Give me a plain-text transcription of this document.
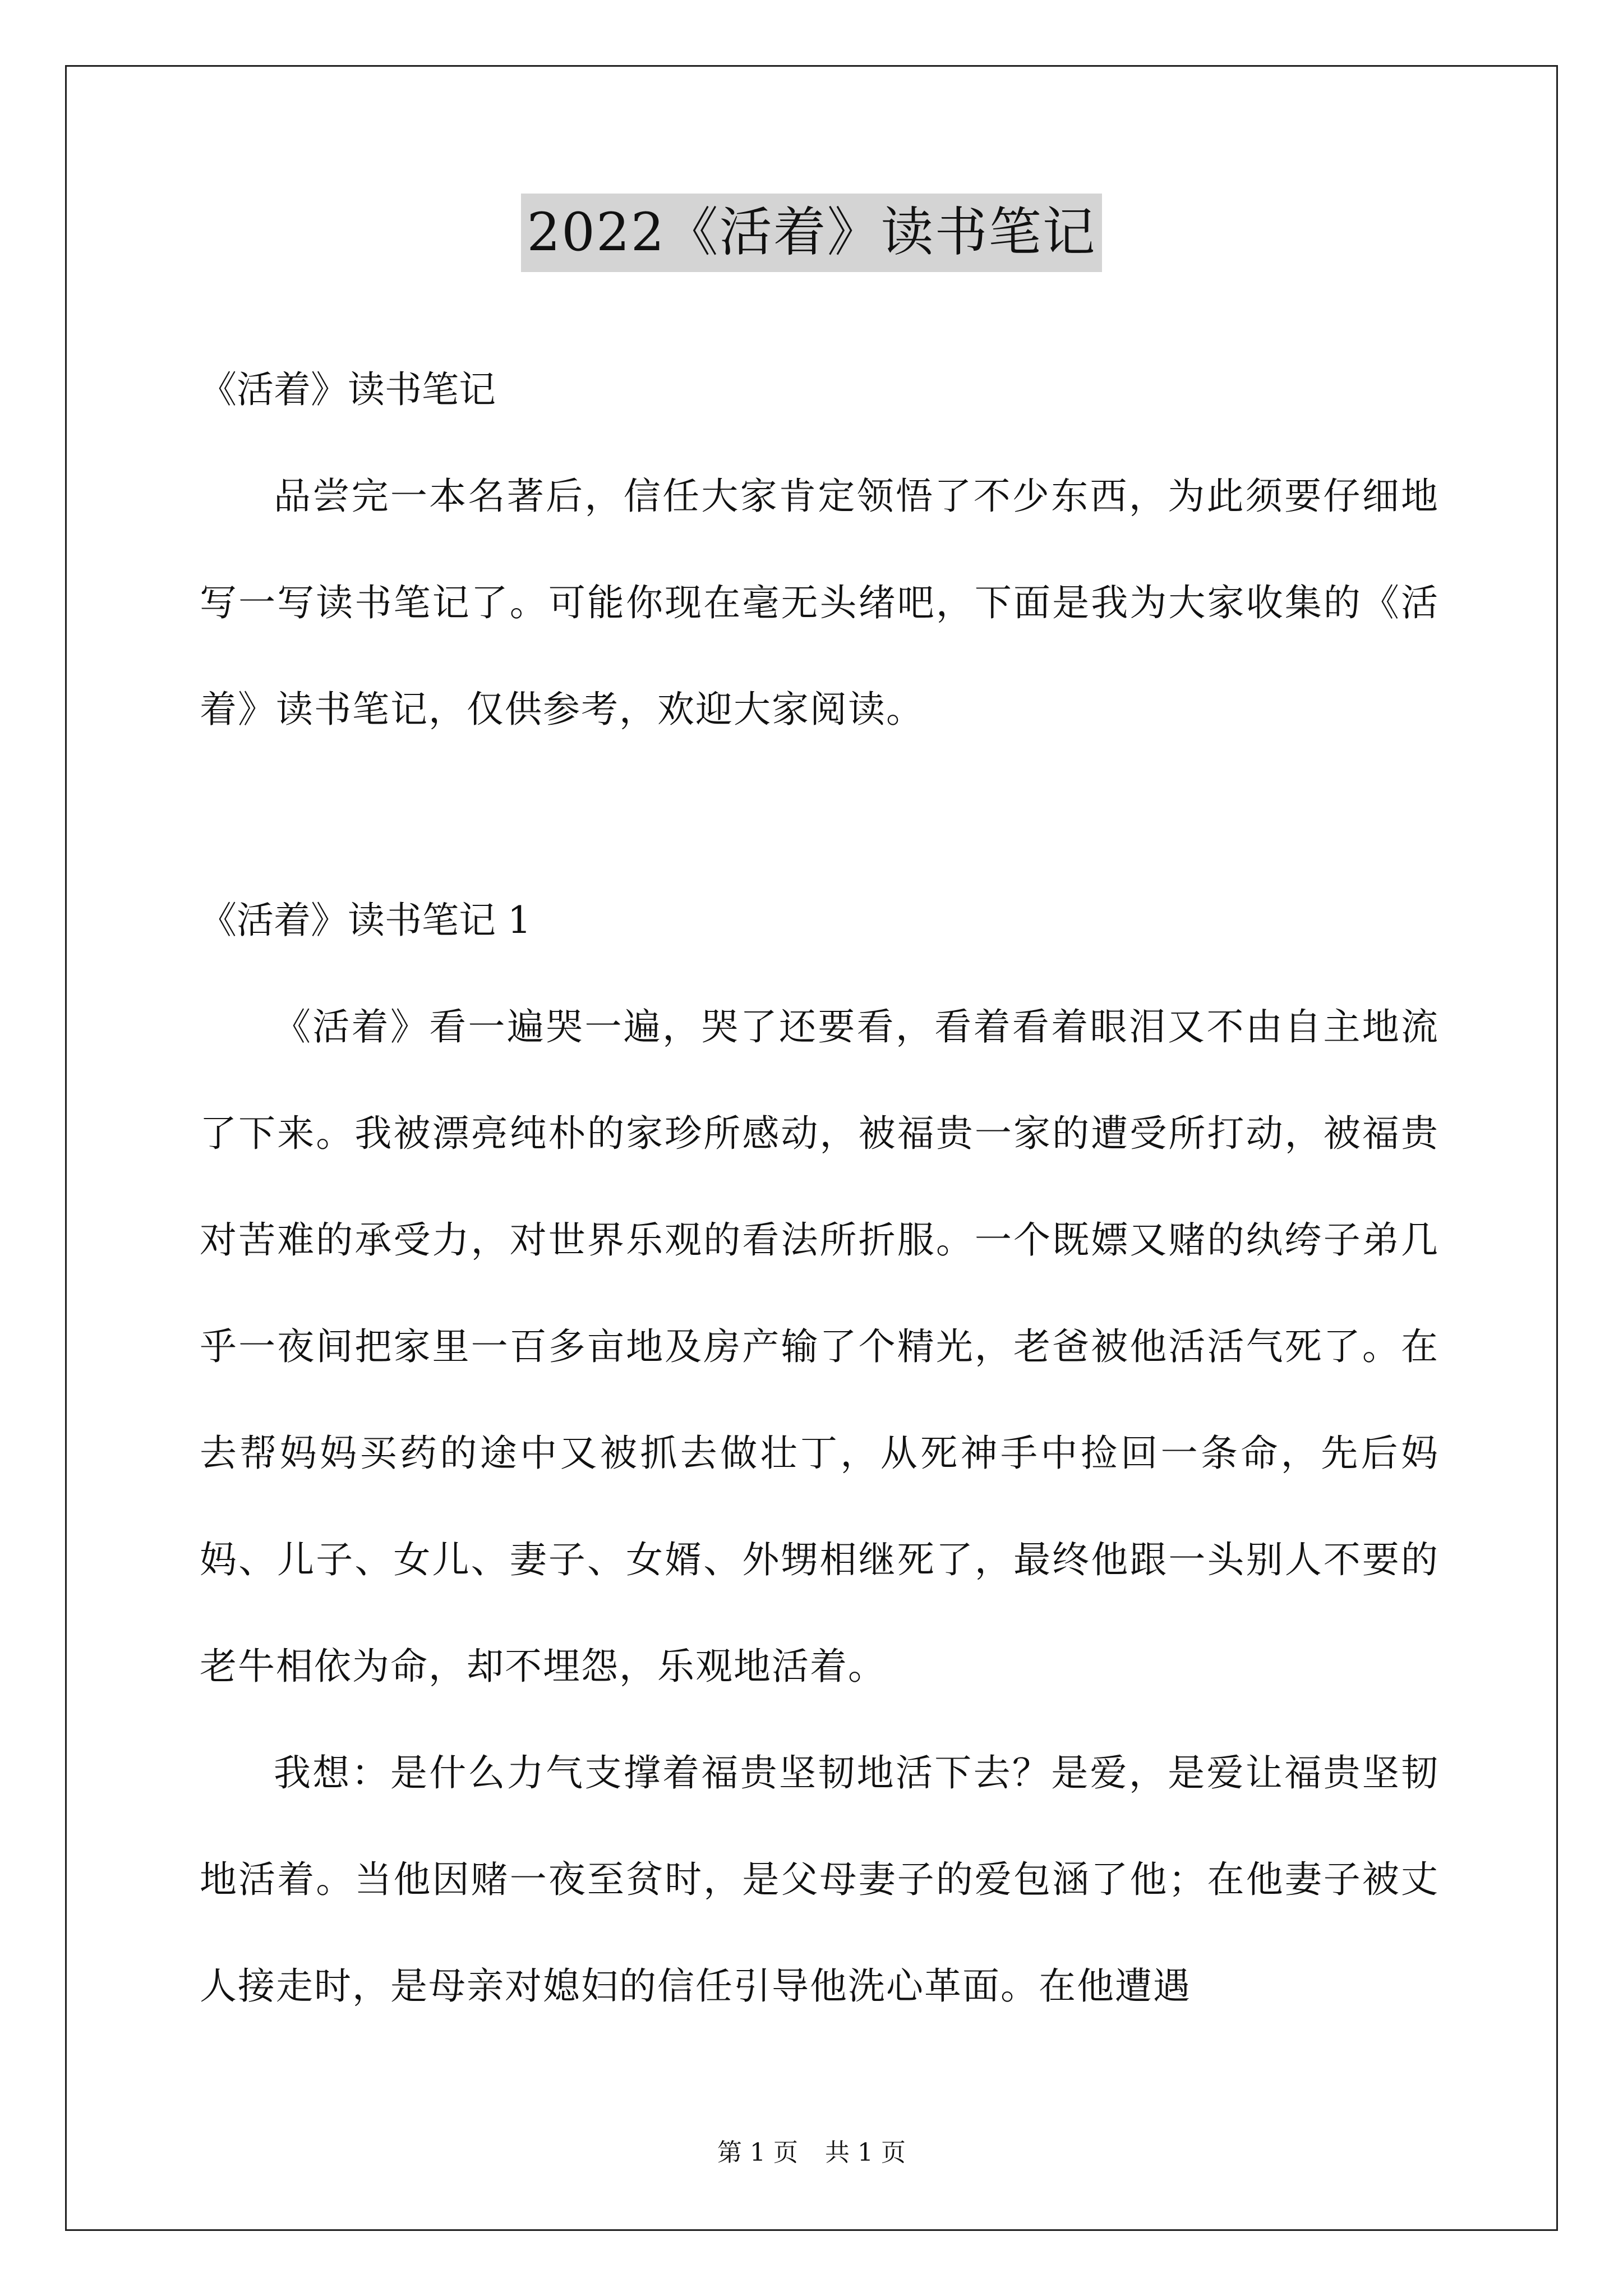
2022《活着》读书笔记

《活着》读书笔记

品尝完一本名著后，信任大家肯定领悟了不少东西，为此须要仔细地写一写读书笔记了。可能你现在毫无头绪吧，下面是我为大家收集的《活着》读书笔记，仅供参考，欢迎大家阅读。

《活着》读书笔记 1

《活着》看一遍哭一遍，哭了还要看，看着看着眼泪又不由自主地流了下来。我被漂亮纯朴的家珍所感动，被福贵一家的遭受所打动，被福贵对苦难的承受力，对世界乐观的看法所折服。一个既嫖又赌的纨绔子弟几乎一夜间把家里一百多亩地及房产输了个精光，老爸被他活活气死了。在去帮妈妈买药的途中又被抓去做壮丁，从死神手中捡回一条命，先后妈妈、儿子、女儿、妻子、女婿、外甥相继死了，最终他跟一头别人不要的老牛相依为命，却不埋怨，乐观地活着。

我想：是什么力气支撑着福贵坚韧地活下去？是爱，是爱让福贵坚韧地活着。当他因赌一夜至贫时，是父母妻子的爱包涵了他；在他妻子被丈人接走时，是母亲对媳妇的信任引导他洗心革面。在他遭遇

第 1 页 共 1 页
